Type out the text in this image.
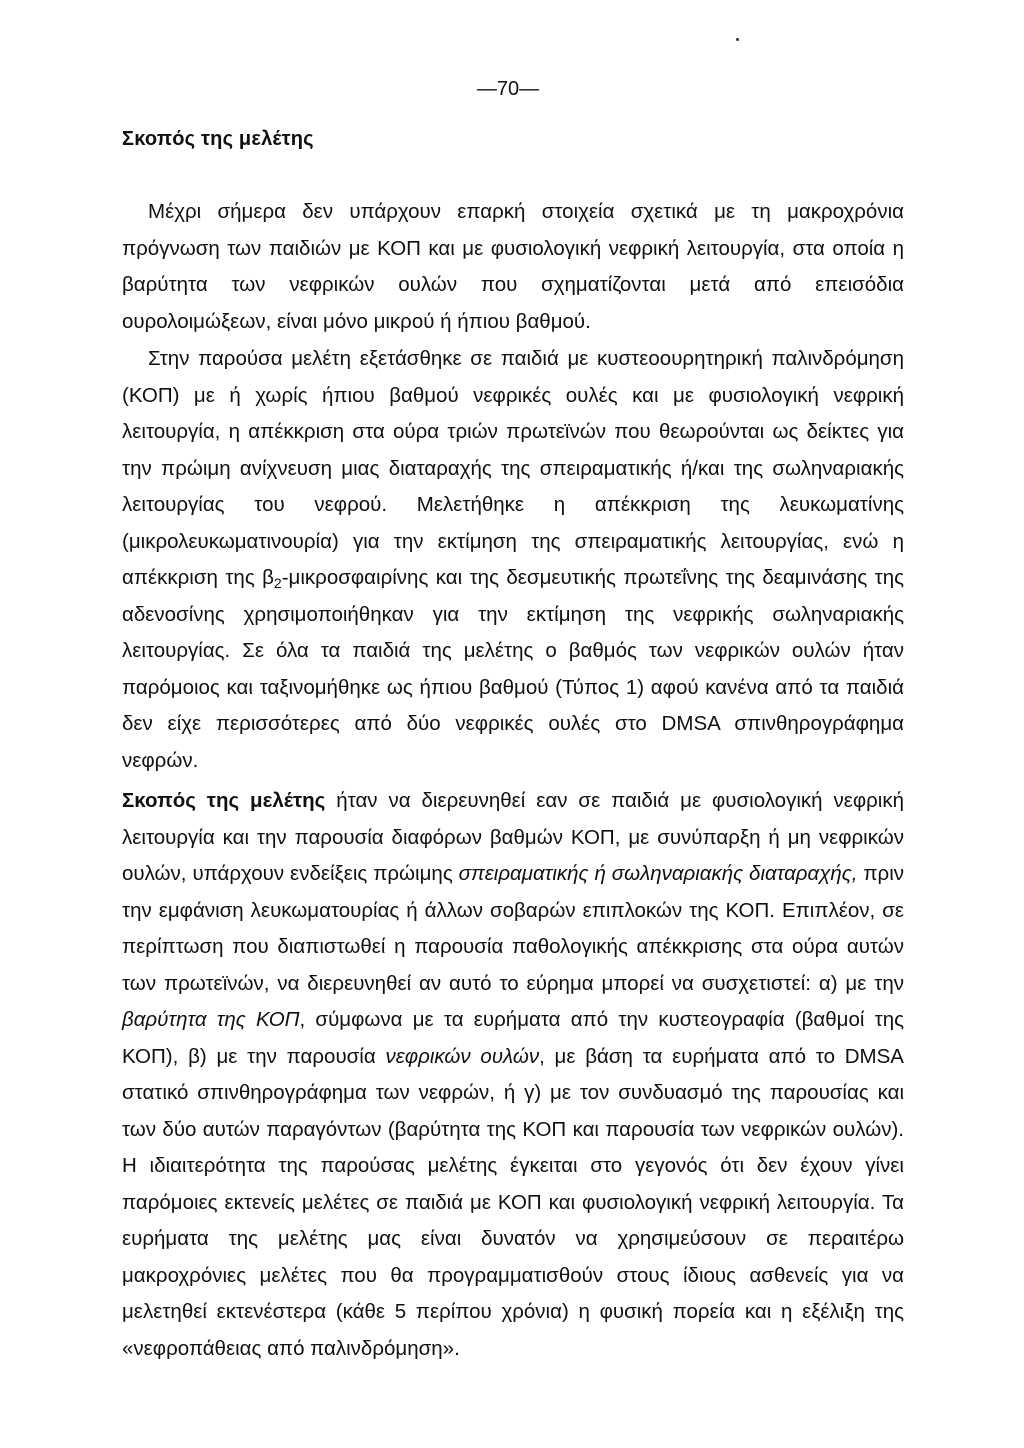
—70—
Σκοπός της μελέτης

Μέχρι σήμερα δεν υπάρχουν επαρκή στοιχεία σχετικά με τη μακροχρόνια πρόγνωση των παιδιών με ΚΟΠ και με φυσιολογική νεφρική λειτουργία, στα οποία η βαρύτητα των νεφρικών ουλών που σχηματίζονται μετά από επεισόδια ουρολοιμώξεων, είναι μόνο μικρού ή ήπιου βαθμού.

Στην παρούσα μελέτη εξετάσθηκε σε παιδιά με κυστεοουρητηρική παλινδρόμηση (ΚΟΠ) με ή χωρίς ήπιου βαθμού νεφρικές ουλές και με φυσιολογική νεφρική λειτουργία, η απέκκριση στα ούρα τριών πρωτεϊνών που θεωρούνται ως δείκτες για την πρώιμη ανίχνευση μιας διαταραχής της σπειραματικής ή/και της σωληναριακής λειτουργίας του νεφρού. Μελετήθηκε η απέκκριση της λευκωματίνης (μικρολευκωματινουρία) για την εκτίμηση της σπειραματικής λειτουργίας, ενώ η απέκκριση της $\beta_2$-μικροσφαιρίνης και της δεσμευτικής πρωτεΐνης της δεαμινάσης της αδενοσίνης χρησιμοποιήθηκαν για την εκτίμηση της νεφρικής σωληναριακής λειτουργίας. Σε όλα τα παιδιά της μελέτης ο βαθμός των νεφρικών ουλών ήταν παρόμοιος και ταξινομήθηκε ως ήπιου βαθμού (Τύπος 1) αφού κανένα από τα παιδιά δεν είχε περισσότερες από δύο νεφρικές ουλές στο DMSA σπινθηρογράφημα νεφρών.

Σκοπός της μελέτης ήταν να διερευνηθεί εαν σε παιδιά με φυσιολογική νεφρική λειτουργία και την παρουσία διαφόρων βαθμών ΚΟΠ, με συνύπαρξη ή μη νεφρικών ουλών, υπάρχουν ενδείξεις πρώιμης σπειραματικής ή σωληναριακής διαταραχής, πριν την εμφάνιση λευκωματουρίας ή άλλων σοβαρών επιπλοκών της ΚΟΠ. Επιπλέον, σε περίπτωση που διαπιστωθεί η παρουσία παθολογικής απέκκρισης στα ούρα αυτών των πρωτεϊνών, να διερευνηθεί αν αυτό το εύρημα μπορεί να συσχετιστεί: α) με την βαρύτητα της ΚΟΠ, σύμφωνα με τα ευρήματα από την κυστεογραφία (βαθμοί της ΚΟΠ), β) με την παρουσία νεφρικών ουλών, με βάση τα ευρήματα από το DMSA στατικό σπινθηρογράφημα των νεφρών, ή γ) με τον συνδυασμό της παρουσίας και των δύο αυτών παραγόντων (βαρύτητα της ΚΟΠ και παρουσία των νεφρικών ουλών). Η ιδιαιτερότητα της παρούσας μελέτης έγκειται στο γεγονός ότι δεν έχουν γίνει παρόμοιες εκτενείς μελέτες σε παιδιά με ΚΟΠ και φυσιολογική νεφρική λειτουργία. Τα ευρήματα της μελέτης μας είναι δυνατόν να χρησιμεύσουν σε περαιτέρω μακροχρόνιες μελέτες που θα προγραμματισθούν στους ίδιους ασθενείς για να μελετηθεί εκτενέστερα (κάθε 5 περίπου χρόνια) η φυσική πορεία και η εξέλιξη της «νεφροπάθειας από παλινδρόμηση».
